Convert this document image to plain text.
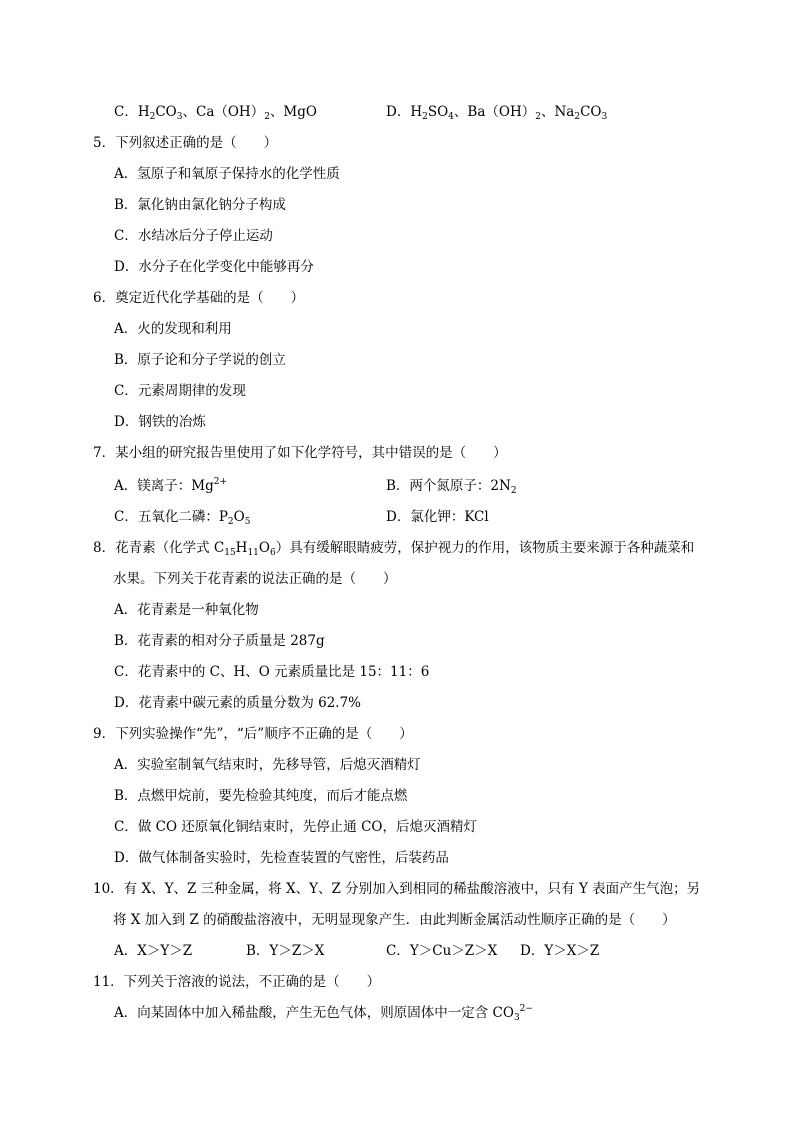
C．$H_2CO_3$、$Ca(OH)_2$、MgO	D．$H_2SO_4$、$Ba(OH)_2$、$Na_2CO_3$
5．下列叙述正确的是（　　）
A．氢原子和氧原子保持水的化学性质
B．氯化钠由氯化钠分子构成
C．水结冰后分子停止运动
D．水分子在化学变化中能够再分
6．奠定近代化学基础的是（　　）
A．火的发现和利用
B．原子论和分子学说的创立
C．元素周期律的发现
D．钢铁的冶炼
7．某小组的研究报告里使用了如下化学符号，其中错误的是（　　）
A．镁离子：$Mg^{2+}$	B．两个氮原子：$2N_2$
C．五氧化二磷：$P_2O_5$	D．氯化钾：KCl
8．花青素（化学式 $C_{15}H_{11}O_6$）具有缓解眼睛疲劳，保护视力的作用，该物质主要来源于各种蔬菜和
水果。下列关于花青素的说法正确的是（　　）
A．花青素是一种氧化物
B．花青素的相对分子质量是 287g
C．花青素中的 C、H、O 元素质量比是 15：11：6
D．花青素中碳元素的质量分数为 62.7%
9．下列实验操作“先”，“后”顺序不正确的是（　　）
A．实验室制氧气结束时，先移导管，后熄灭酒精灯
B．点燃甲烷前，要先检验其纯度，而后才能点燃
C．做 CO 还原氧化铜结束时，先停止通 CO，后熄灭酒精灯
D．做气体制备实验时，先检查装置的气密性，后装药品
10．有 X、Y、Z 三种金属，将 X、Y、Z 分别加入到相同的稀盐酸溶液中，只有 Y 表面产生气泡；另
将 X 加入到 Z 的硝酸盐溶液中，无明显现象产生．由此判断金属活动性顺序正确的是（　　）
A．X＞Y＞Z	B．Y＞Z＞X	C．Y＞Cu＞Z＞X D．Y＞X＞Z
11．下列关于溶液的说法，不正确的是（　　）
A．向某固体中加入稀盐酸，产生无色气体，则原固体中一定含 $CO_3^{2-}$
